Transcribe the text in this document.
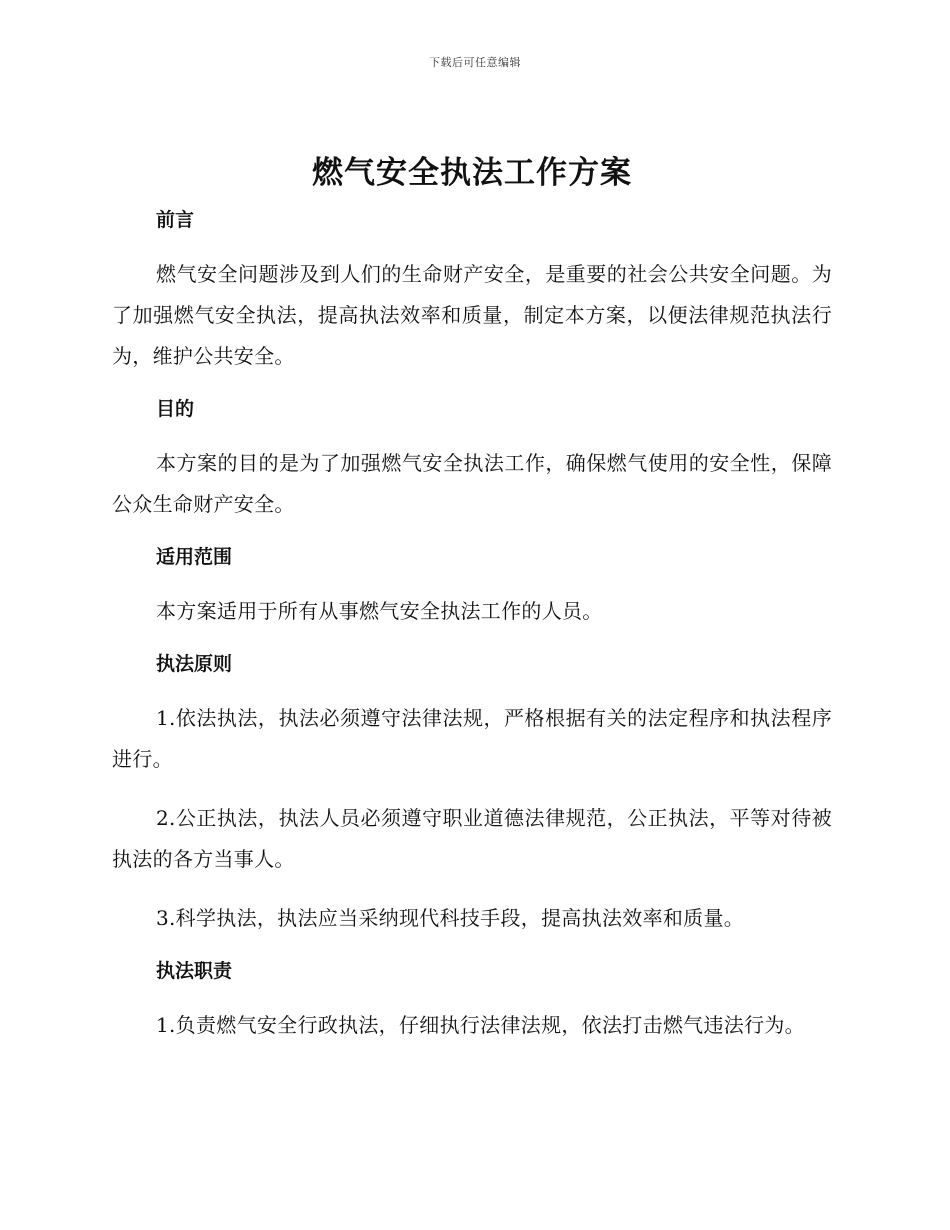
下载后可任意编辑
燃气安全执法工作方案
前言

燃气安全问题涉及到人们的生命财产安全，是重要的社会公共安全问题。为了加强燃气安全执法，提高执法效率和质量，制定本方案，以便法律规范执法行为，维护公共安全。

目的

本方案的目的是为了加强燃气安全执法工作，确保燃气使用的安全性，保障公众生命财产安全。

适用范围

本方案适用于所有从事燃气安全执法工作的人员。

执法原则

1.依法执法，执法必须遵守法律法规，严格根据有关的法定程序和执法程序进行。

2.公正执法，执法人员必须遵守职业道德法律规范，公正执法，平等对待被执法的各方当事人。

3.科学执法，执法应当采纳现代科技手段，提高执法效率和质量。

执法职责

1.负责燃气安全行政执法，仔细执行法律法规，依法打击燃气违法行为。
